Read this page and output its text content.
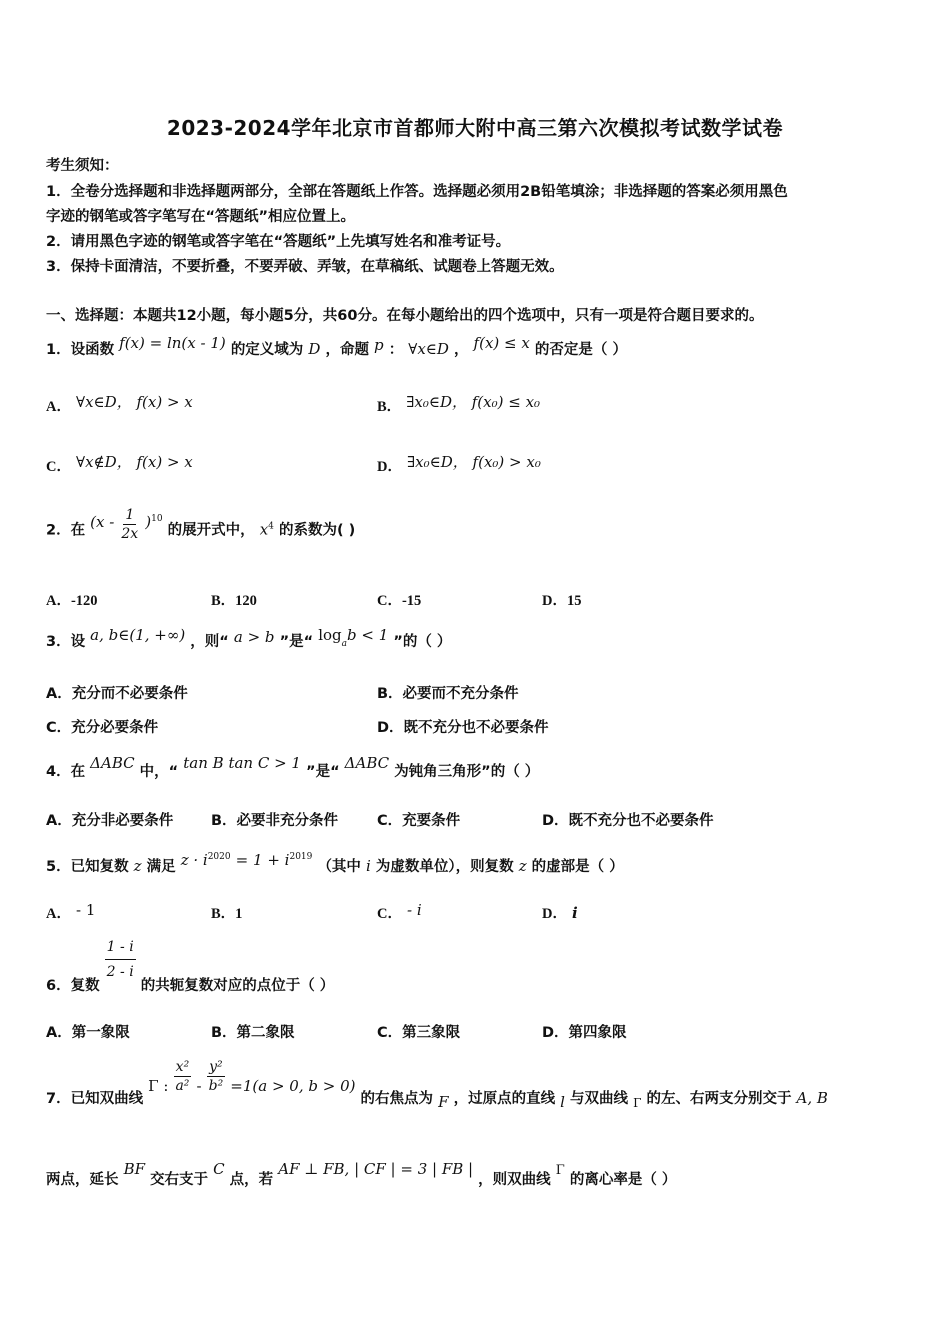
2023-2024学年北京市首都师大附中高三第六次模拟考试数学试卷
考生须知：
1．全卷分选择题和非选择题两部分，全部在答题纸上作答。选择题必须用2B铅笔填涂；非选择题的答案必须用黑色
字迹的钢笔或答字笔写在“答题纸”相应位置上。
2．请用黑色字迹的钢笔或答字笔在“答题纸”上先填写姓名和准考证号。
3．保持卡面清洁，不要折叠，不要弄破、弄皱，在草稿纸、试题卷上答题无效。
一、选择题：本题共12小题，每小题5分，共60分。在每小题给出的四个选项中，只有一项是符合题目要求的。
1．设函数 f(x) = ln(x - 1) 的定义域为 D ，命题 p ： ∀x∈D ， f(x) ≤ x 的否定是（ ）
A． ∀x∈D， f(x) > x	B． ∃x₀∈D， f(x₀) ≤ x₀
C． ∀x∉D， f(x) > x	D． ∃x₀∈D， f(x₀) > x₀
2．在 $(x - \frac{1}{2x} )^{10}$ 的展开式中， $x^4$ 的系数为( )
A．-120	B．120	C．-15	D．15
3．设 a, b∈(1, +∞) ，则“ a > b ”是“ $\log_ab < 1$ ”的（ ）
A．充分而不必要条件	B．必要而不充分条件
C．充分必要条件	D．既不充分也不必要条件
4．在 ΔABC 中，“ tan B tan C > 1 ”是“ ΔABC 为钝角三角形”的（ ）
A．充分非必要条件	B．必要非充分条件	C．充要条件	D．既不充分也不必要条件
5．已知复数 z 满足 $z \cdot i^{2020} = 1 + i^{2019}$ （其中 i 为虚数单位），则复数 z 的虚部是（ ）
A． - 1	B．1	C． - i	D． i
6．复数
$\frac{1 - i}{2 - i}$
的共轭复数对应的点位于（ ）
A．第一象限	B．第二象限	C．第三象限	D．第四象限
7．已知双曲线 Γ : $\frac{\text{x²}}{\text{a²}} - \frac{\text{y²}}{\text{b²}} =1(a > 0$, b > 0) 的右焦点为 F ，过原点的直线 l 与双曲线 $_\Gamma$ 的左、右两支分别交于 A, B
两点，延长 BF 交右支于 C 点，若 AF ⊥ FB, | CF | = 3 | FB | ，则双曲线 Γ 的离心率是（ ）
